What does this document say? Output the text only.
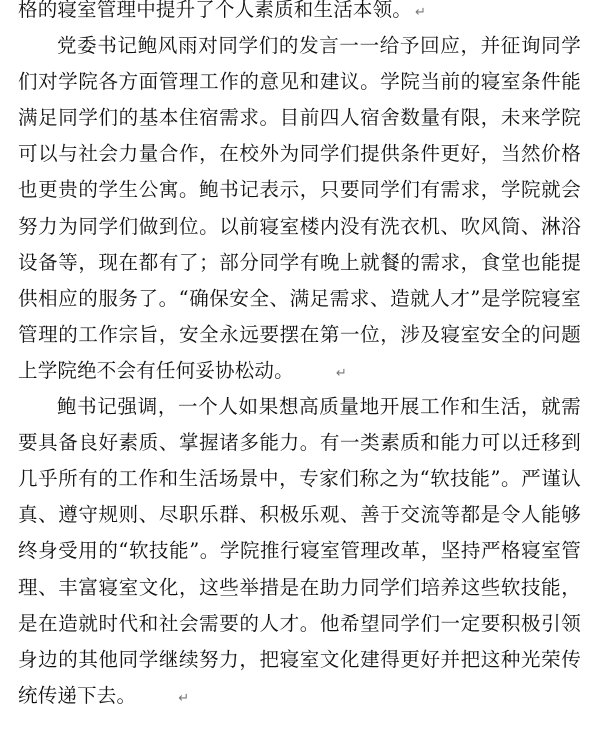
格的寝室管理中提升了个人素质和生活本领。 ↵

党委书记鲍风雨对同学们的发言一一给予回应，并征询同学们对学院各方面管理工作的意见和建议。学院当前的寝室条件能满足同学们的基本住宿需求。目前四人宿舍数量有限，未来学院可以与社会力量合作，在校外为同学们提供条件更好，当然价格也更贵的学生公寓。鲍书记表示，只要同学们有需求，学院就会努力为同学们做到位。以前寝室楼内没有洗衣机、吹风筒、淋浴设备等，现在都有了；部分同学有晚上就餐的需求，食堂也能提供相应的服务了。“确保安全、满足需求、造就人才”是学院寝室管理的工作宗旨，安全永远要摆在第一位，涉及寝室安全的问题上学院绝不会有任何妥协松动。	↵

鲍书记强调，一个人如果想高质量地开展工作和生活，就需要具备良好素质、掌握诸多能力。有一类素质和能力可以迁移到几乎所有的工作和生活场景中，专家们称之为“软技能”。严谨认真、遵守规则、尽职乐群、积极乐观、善于交流等都是令人能够终身受用的“软技能”。学院推行寝室管理改革，坚持严格寝室管理、丰富寝室文化，这些举措是在助力同学们培养这些软技能，是在造就时代和社会需要的人才。他希望同学们一定要积极引领身边的其他同学继续努力，把寝室文化建得更好并把这种光荣传统传递下去。	↵
